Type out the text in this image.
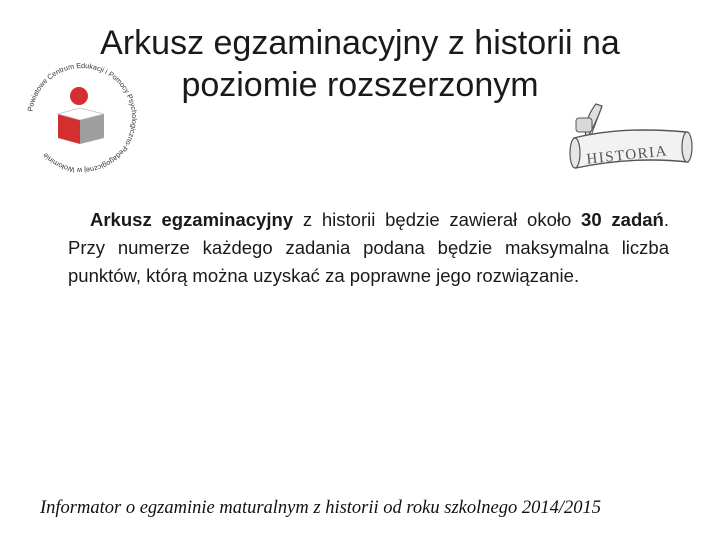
Arkusz egzaminacyjny z historii na poziomie rozszerzonym
Powiatowe Centrum Edukacji i Pomocy Psychologiczno-Pedagogicznej w Wołominie	HISTORIA

Arkusz egzaminacyjny z historii będzie zawierał około 30 zadań. Przy numerze każdego zadania podana będzie maksymalna liczba punktów, którą można uzyskać za poprawne jego rozwiązanie.

Informator o egzaminie maturalnym z historii od roku szkolnego 2014/2015
